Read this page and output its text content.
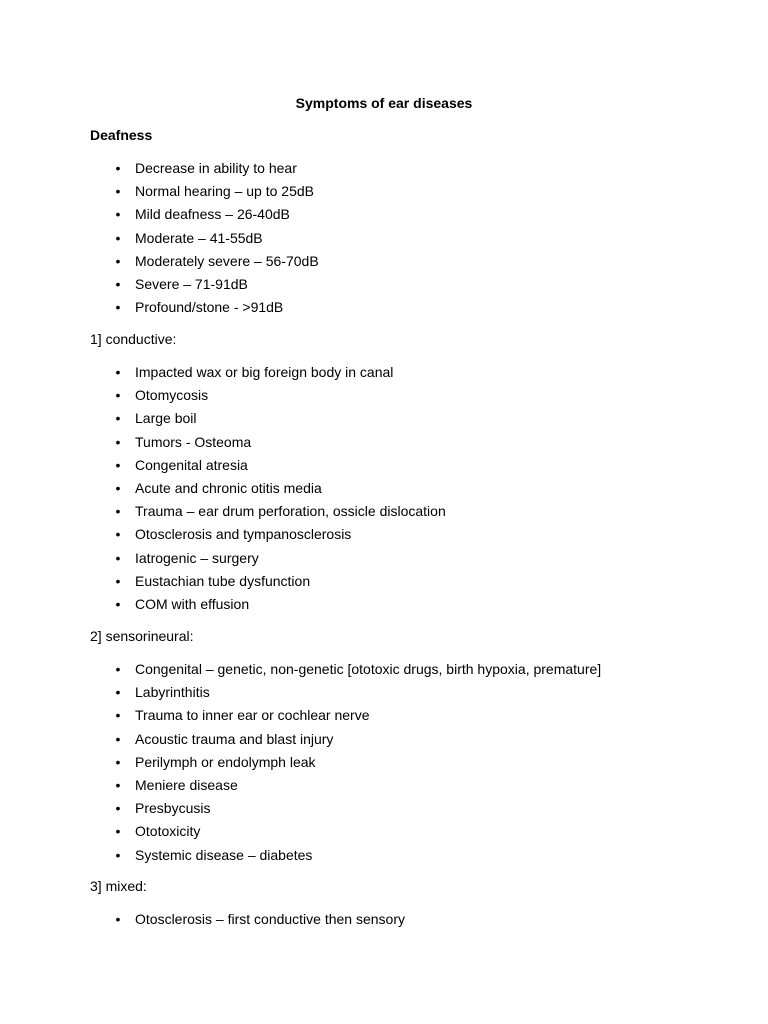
Symptoms of ear diseases
Deafness
• Decrease in ability to hear
• Normal hearing – up to 25dB
• Mild deafness – 26-40dB
• Moderate – 41-55dB
• Moderately severe – 56-70dB
• Severe – 71-91dB
• Profound/stone - >91dB
1] conductive:
• Impacted wax or big foreign body in canal
• Otomycosis
• Large boil
• Tumors - Osteoma
• Congenital atresia
• Acute and chronic otitis media
• Trauma – ear drum perforation, ossicle dislocation
• Otosclerosis and tympanosclerosis
• Iatrogenic – surgery
• Eustachian tube dysfunction
• COM with effusion
2] sensorineural:
• Congenital – genetic, non-genetic [ototoxic drugs, birth hypoxia, premature]
• Labyrinthitis
• Trauma to inner ear or cochlear nerve
• Acoustic trauma and blast injury
• Perilymph or endolymph leak
• Meniere disease
• Presbycusis
• Ototoxicity
• Systemic disease – diabetes
3] mixed:
• Otosclerosis – first conductive then sensory
